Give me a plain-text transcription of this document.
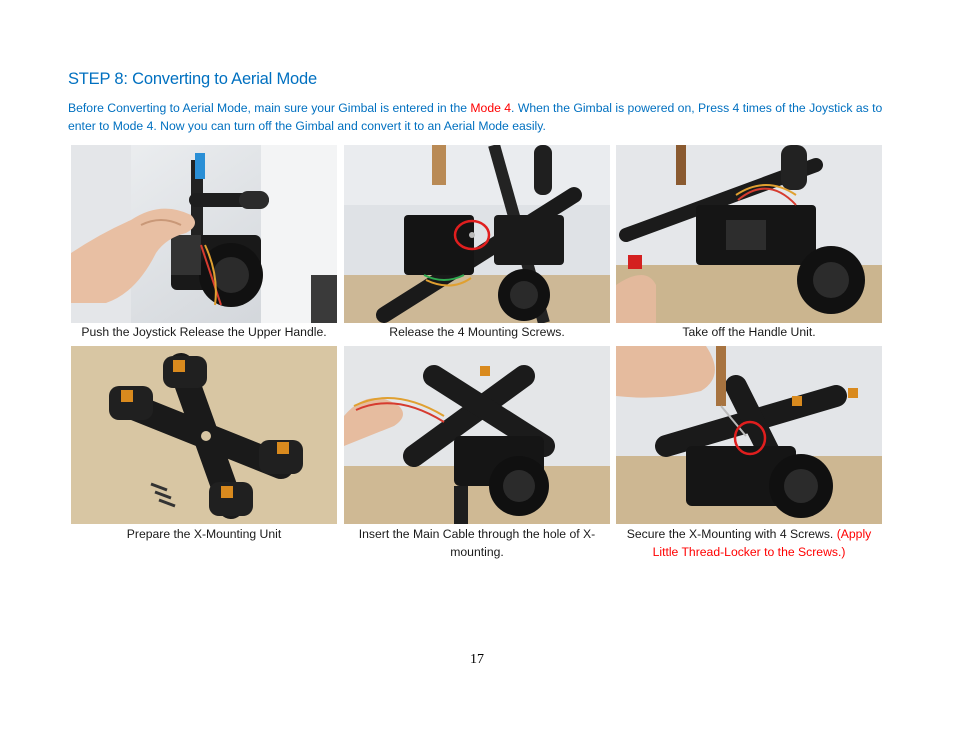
STEP 8: Converting to Aerial Mode
Before Converting to Aerial Mode, main sure your Gimbal is entered in the Mode 4. When the Gimbal is powered on, Press 4 times of the Joystick as to enter to Mode 4. Now you can turn off the Gimbal and convert it to an Aerial Mode easily.
Push the Joystick Release the Upper Handle.	Release the 4 Mounting Screws.	Take off the Handle Unit.
Prepare the X-Mounting Unit	Insert the Main Cable through the hole of X-mounting.
Secure the X-Mounting with 4 Screws. (Apply Little Thread-Locker to the Screws.)
17
